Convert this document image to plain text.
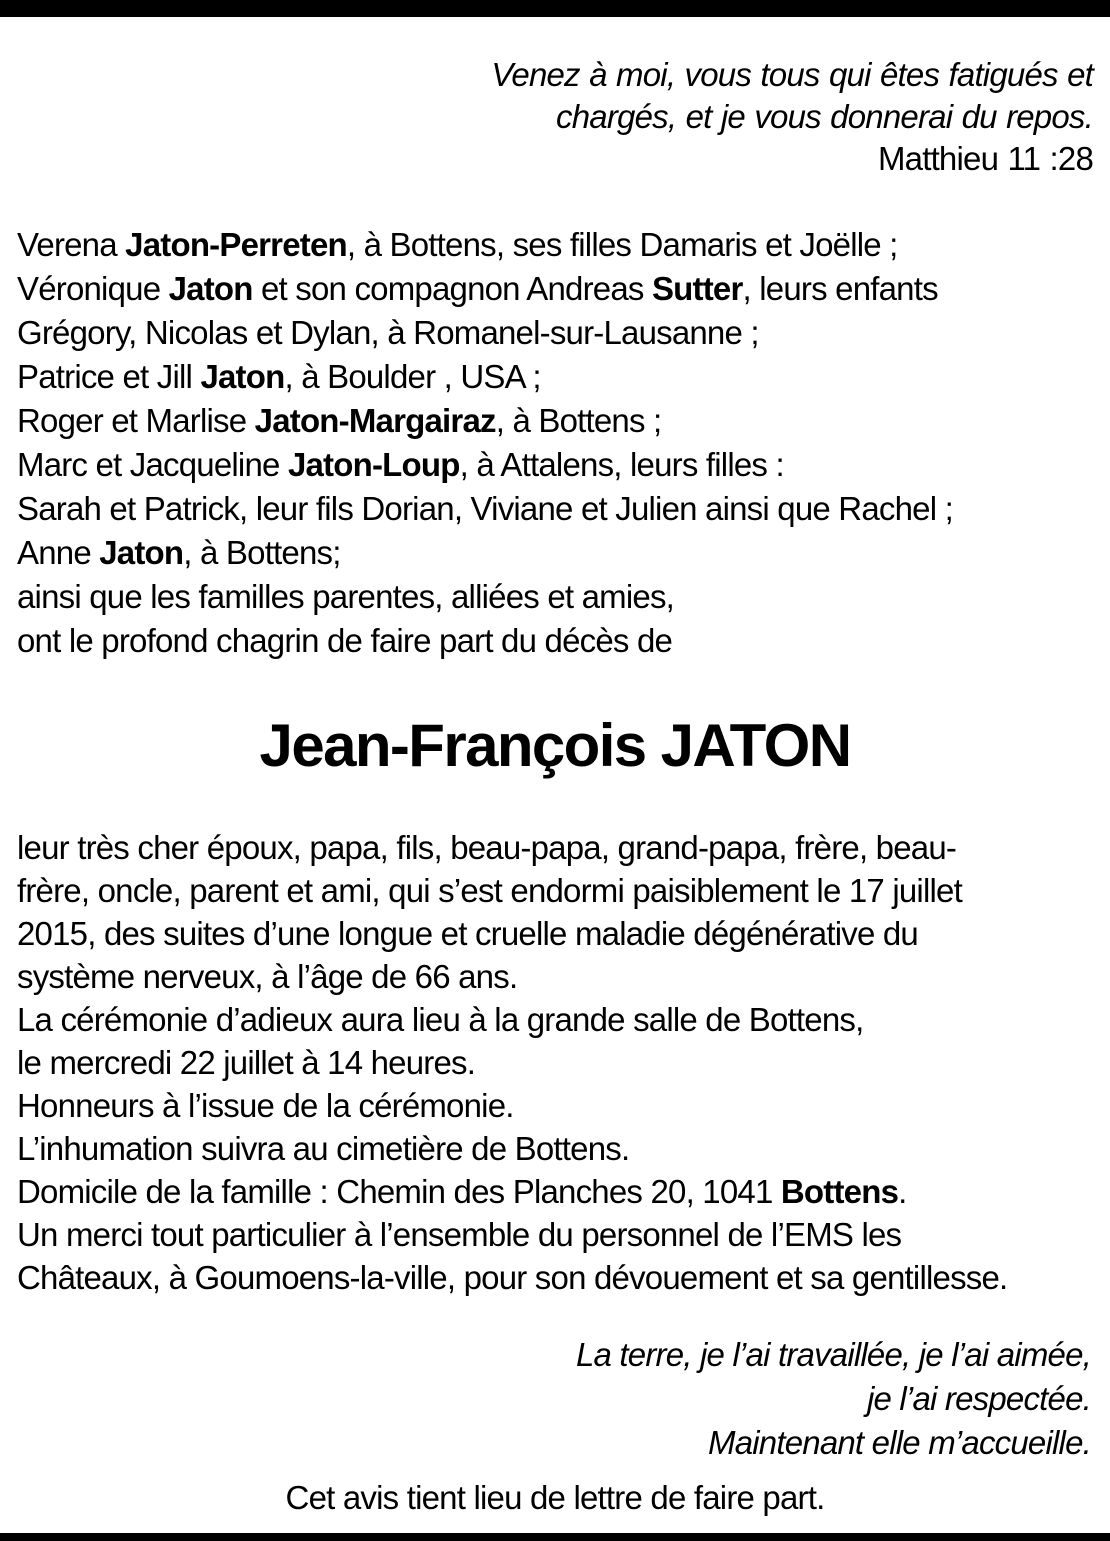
Venez à moi, vous tous qui êtes fatigués et
chargés, et je vous donnerai du repos.
Matthieu 11 :28
Verena Jaton-Perreten, à Bottens, ses filles Damaris et Joëlle ;
Véronique Jaton et son compagnon Andreas Sutter, leurs enfants
Grégory, Nicolas et Dylan, à Romanel-sur-Lausanne ;
Patrice et Jill Jaton, à Boulder , USA ;
Roger et Marlise Jaton-Margairaz, à Bottens ;
Marc et Jacqueline Jaton-Loup, à Attalens, leurs filles :
Sarah et Patrick, leur fils Dorian, Viviane et Julien ainsi que Rachel ;
Anne Jaton, à Bottens;
ainsi que les familles parentes, alliées et amies,
ont le profond chagrin de faire part du décès de
Jean-François JATON
leur très cher époux, papa, fils, beau-papa, grand-papa, frère, beau-
frère, oncle, parent et ami, qui s’est endormi paisiblement le 17 juillet
2015, des suites d’une longue et cruelle maladie dégénérative du
système nerveux, à l’âge de 66 ans.
La cérémonie d’adieux aura lieu à la grande salle de Bottens,
le mercredi 22 juillet à 14 heures.
Honneurs à l’issue de la cérémonie.
L’inhumation suivra au cimetière de Bottens.
Domicile de la famille : Chemin des Planches 20, 1041 Bottens.
Un merci tout particulier à l’ensemble du personnel de l’EMS les
Châteaux, à Goumoens-la-ville, pour son dévouement et sa gentillesse.
La terre, je l’ai travaillée, je l’ai aimée,
je l’ai respectée.
Maintenant elle m’accueille.
Cet avis tient lieu de lettre de faire part.
